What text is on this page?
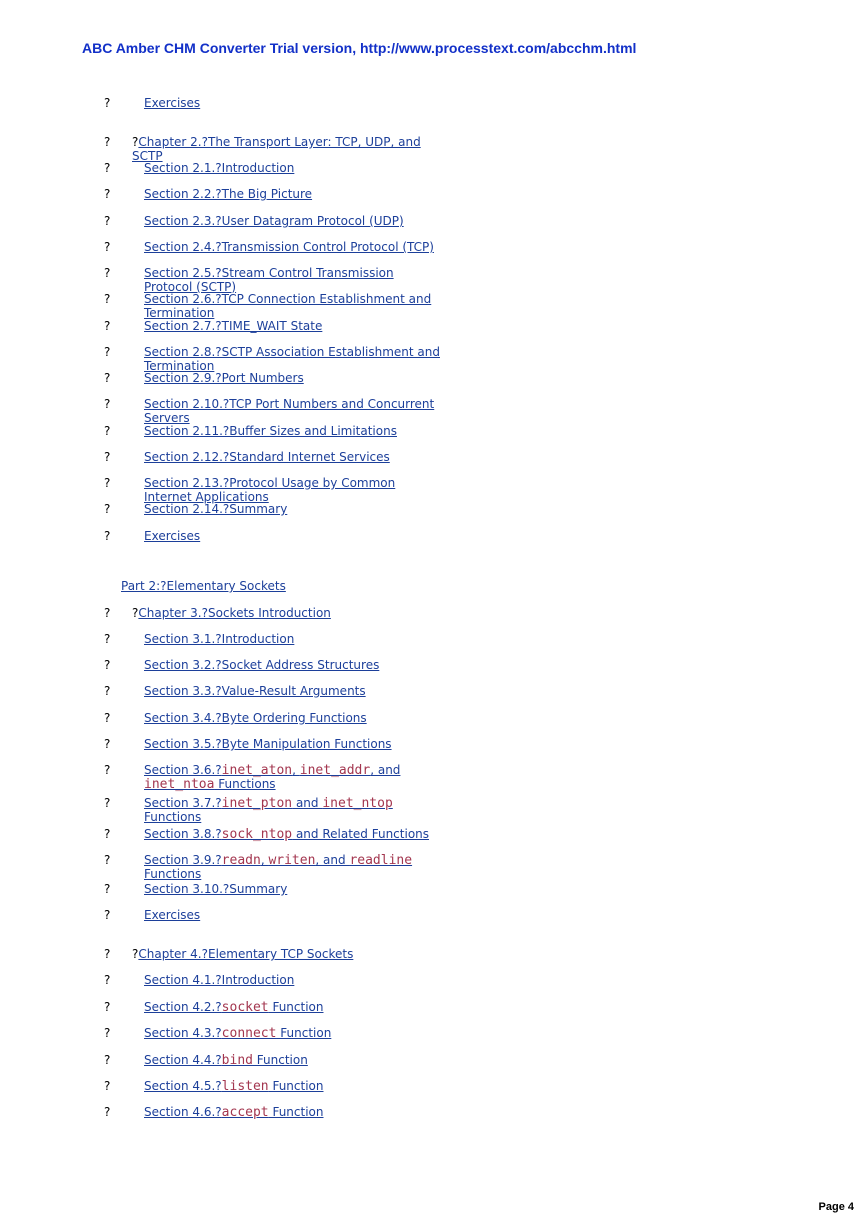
ABC Amber CHM Converter Trial version, http://www.processtext.com/abcchm.html
?	Exercises
? ?Chapter 2.?The Transport Layer: TCP, UDP, and SCTP
?	Section 2.1.?Introduction
?	Section 2.2.?The Big Picture
?	Section 2.3.?User Datagram Protocol (UDP)
?	Section 2.4.?Transmission Control Protocol (TCP)
?	Section 2.5.?Stream Control Transmission Protocol (SCTP)
?	Section 2.6.?TCP Connection Establishment and Termination
?	Section 2.7.?TIME_WAIT State
?	Section 2.8.?SCTP Association Establishment and Termination
?	Section 2.9.?Port Numbers
?	Section 2.10.?TCP Port Numbers and Concurrent Servers
?	Section 2.11.?Buffer Sizes and Limitations
?	Section 2.12.?Standard Internet Services
?	Section 2.13.?Protocol Usage by Common Internet Applications
?	Section 2.14.?Summary
?	Exercises
Part 2:?Elementary Sockets
? ?Chapter 3.?Sockets Introduction
?	Section 3.1.?Introduction
?	Section 3.2.?Socket Address Structures
?	Section 3.3.?Value-Result Arguments
?	Section 3.4.?Byte Ordering Functions
?	Section 3.5.?Byte Manipulation Functions
?	Section 3.6.?inet_aton, inet_addr, and inet_ntoa Functions
?	Section 3.7.?inet_pton and inet_ntop Functions
?	Section 3.8.?sock_ntop and Related Functions
?	Section 3.9.?readn, writen, and readline Functions
?	Section 3.10.?Summary
?	Exercises
? ?Chapter 4.?Elementary TCP Sockets
?	Section 4.1.?Introduction
?	Section 4.2.?socket Function
?	Section 4.3.?connect Function
?	Section 4.4.?bind Function
?	Section 4.5.?listen Function
?	Section 4.6.?accept Function
Page 4
